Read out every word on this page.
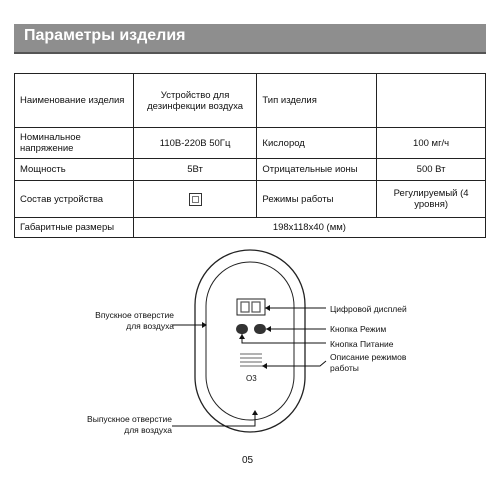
Параметры изделия
Наименование изделия	Устройство для дезинфекции воздуха	Тип изделия	
Номинальное напряжение	110В-220В 50Гц	Кислород	100 мг/ч
Мощность	5Вт	Отрицательные ионы	500 Вт
Состав устройства		Режимы работы	Регулируемый (4 уровня)
Габаритные размеры	198x118x40 (мм)		
Впускное отверстие для воздуха
Выпускное отверстие для воздуха
Цифровой дисплей
Кнопка Режим
Кнопка Питание
Описание режимов работы
O3
05
